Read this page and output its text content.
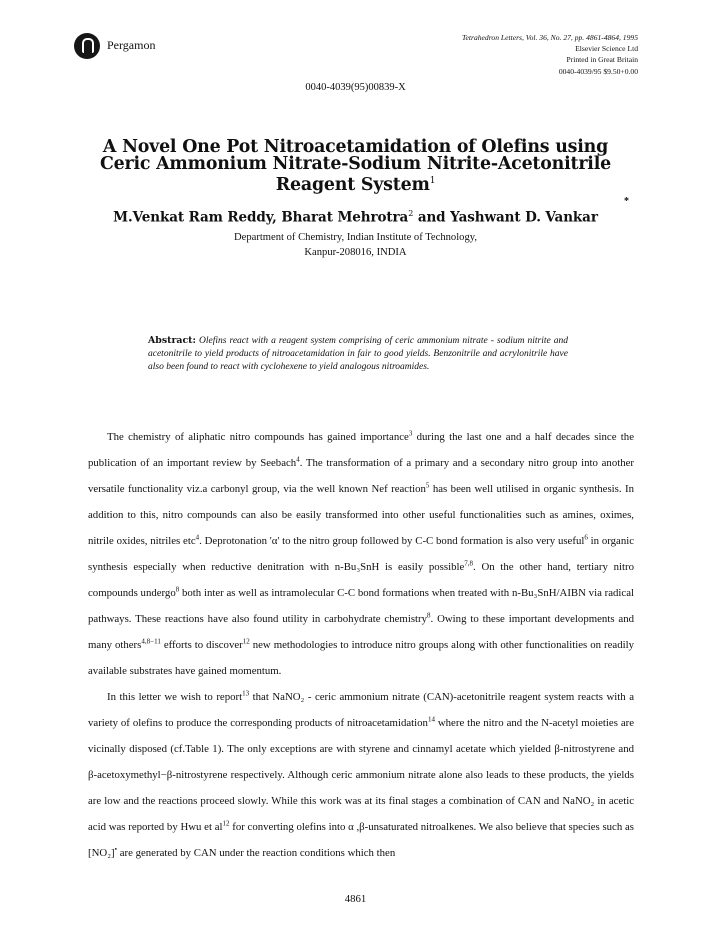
Pergamon
Tetrahedron Letters, Vol. 36, No. 27, pp. 4861-4864, 1995
Elsevier Science Ltd
Printed in Great Britain
0040-4039/95 $9.50+0.00
0040-4039(95)00839-X
A Novel One Pot Nitroacetamidation of Olefins using
Ceric Ammonium Nitrate-Sodium Nitrite-Acetonitrile
Reagent System$^1$
M.Venkat Ram Reddy, Bharat Mehrotra$^2$ and Yashwant D. Vankar
*
Department of Chemistry, Indian Institute of Technology,
Kanpur-208016, INDIA
Abstract: Olefins react with a reagent system comprising of ceric ammonium nitrate - sodium nitrite and acetonitrile to yield products of nitroacetamidation in fair to good yields. Benzonitrile and acrylonitrile have also been found to react with cyclohexene to yield analogous nitroamides.

The chemistry of aliphatic nitro compounds has gained importance$^3$ during the last one and a half decades since the publication of an important review by Seebach$^4$. The transformation of a primary and a secondary nitro group into another versatile functionality viz.a carbonyl group, via the well known Nef reaction$^5$ has been well utilised in organic synthesis. In addition to this, nitro compounds can also be easily transformed into other useful functionalities such as amines, oximes, nitrile oxides, nitriles etc$^4$. Deprotonation 'α' to the nitro group followed by C-C bond formation is also very useful$^6$ in organic synthesis especially when reductive denitration with n-Bu₃SnH is easily possible$^{7,8}$. On the other hand, tertiary nitro compounds undergo$^8$ both inter as well as intramolecular C-C bond formations when treated with n-Bu₃SnH/AIBN via radical pathways. These reactions have also found utility in carbohydrate chemistry$^8$. Owing to these important developments and many others$^{4,8-11}$ efforts to discover$^{12}$ new methodologies to introduce nitro groups along with other functionalities on readily available substrates have gained momentum.

In this letter we wish to report$^{13}$ that NaNO₂ - ceric ammonium nitrate (CAN)-acetonitrile reagent system reacts with a variety of olefins to produce the corresponding products of nitroacetamidation$^{14}$ where the nitro and the N-acetyl moieties are vicinally disposed (cf.Table 1). The only exceptions are with styrene and cinnamyl acetate which yielded β-nitrostyrene and β-acetoxymethyl−β-nitrostyrene respectively. Although ceric ammonium nitrate alone also leads to these products, the yields are low and the reactions proceed slowly. While this work was at its final stages a combination of CAN and NaNO₂ in acetic acid was reported by Hwu et $al^{12}$ for converting olefins into α ,β-unsaturated nitroalkenes. We also believe that species such as [NO₂]• are generated by CAN under the reaction conditions which then

4861
